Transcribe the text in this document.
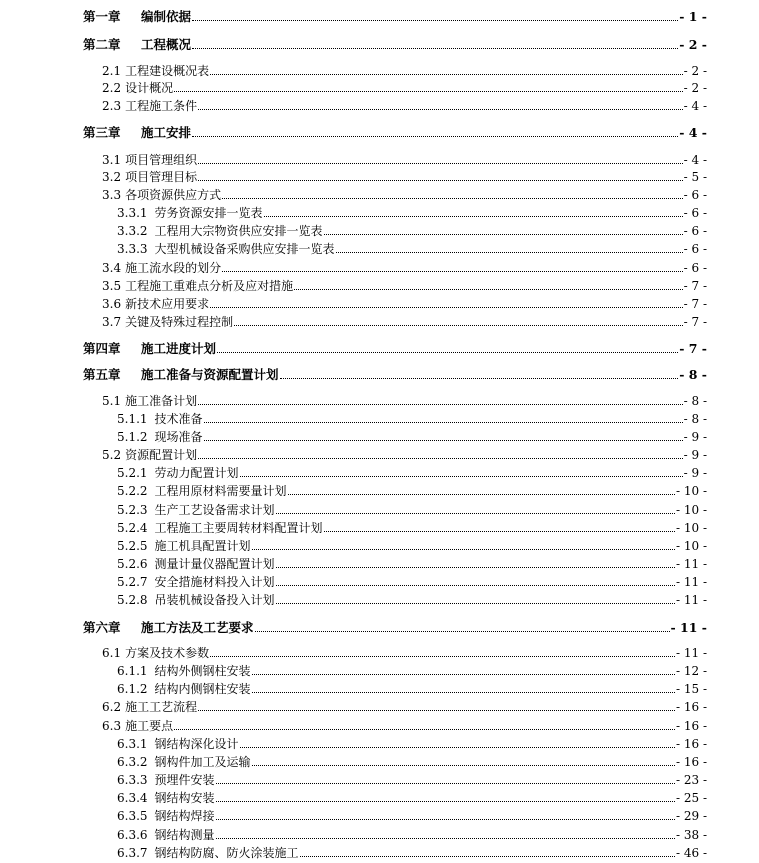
第一章	编制依据	- 1 -
第二章	工程概况	- 2 -
2.1 工程建设概况表	- 2 -
2.2 设计概况	- 2 -
2.3 工程施工条件	- 4 -
第三章	施工安排	- 4 -
3.1 项目管理组织	- 4 -
3.2 项目管理目标	- 5 -
3.3 各项资源供应方式	- 6 -
3.3.1 劳务资源安排一览表	- 6 -
3.3.2 工程用大宗物资供应安排一览表	- 6 -
3.3.3 大型机械设备采购供应安排一览表	- 6 -
3.4 施工流水段的划分	- 6 -
3.5 工程施工重难点分析及应对措施	- 7 -
3.6 新技术应用要求	- 7 -
3.7 关键及特殊过程控制	- 7 -
第四章	施工进度计划	- 7 -
第五章	施工准备与资源配置计划	- 8 -
5.1 施工准备计划	- 8 -
5.1.1 技术准备	- 8 -
5.1.2 现场准备	- 9 -
5.2 资源配置计划	- 9 -
5.2.1 劳动力配置计划	- 9 -
5.2.2 工程用原材料需要量计划	- 10 -
5.2.3 生产工艺设备需求计划	- 10 -
5.2.4 工程施工主要周转材料配置计划	- 10 -
5.2.5 施工机具配置计划	- 10 -
5.2.6 测量计量仪器配置计划	- 11 -
5.2.7 安全措施材料投入计划	- 11 -
5.2.8 吊装机械设备投入计划	- 11 -
第六章	施工方法及工艺要求	- 11 -
6.1 方案及技术参数	- 11 -
6.1.1 结构外侧钢柱安装	- 12 -
6.1.2 结构内侧钢柱安装	- 15 -
6.2 施工工艺流程	- 16 -
6.3 施工要点	- 16 -
6.3.1 钢结构深化设计	- 16 -
6.3.2 钢构件加工及运输	- 16 -
6.3.3 预埋件安装	- 23 -
6.3.4 钢结构安装	- 25 -
6.3.5 钢结构焊接	- 29 -
6.3.6 钢结构测量	- 38 -
6.3.7 钢结构防腐、防火涂装施工	- 46 -
